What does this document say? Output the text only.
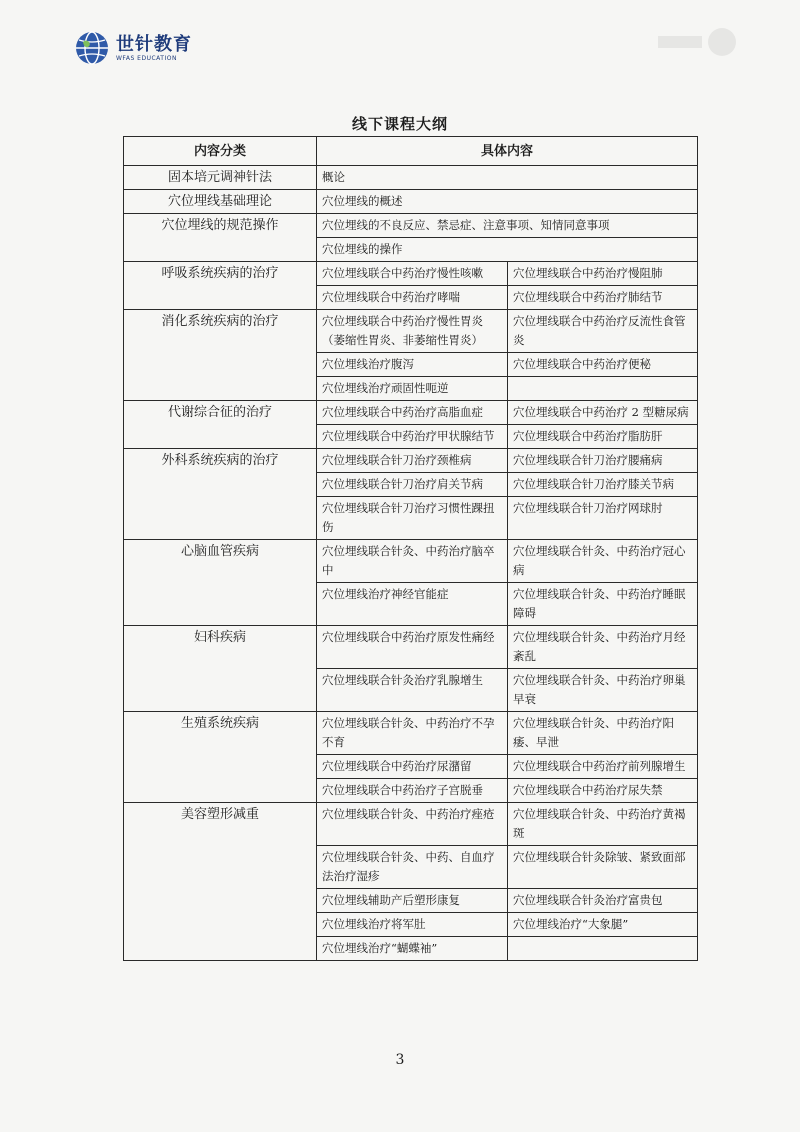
世针教育
WFAS EDUCATION
线下课程大纲
内容分类	具体内容	
固本培元调神针法	概论	
穴位埋线基础理论	穴位埋线的概述	
穴位埋线的规范操作	穴位埋线的不良反应、禁忌症、注意事项、知情同意事项	
	穴位埋线的操作	
呼吸系统疾病的治疗	穴位埋线联合中药治疗慢性咳嗽	穴位埋线联合中药治疗慢阻肺
	穴位埋线联合中药治疗哮喘	穴位埋线联合中药治疗肺结节
消化系统疾病的治疗	穴位埋线联合中药治疗慢性胃炎（萎缩性胃炎、非萎缩性胃炎）	穴位埋线联合中药治疗反流性食管炎
	穴位埋线治疗腹泻	穴位埋线联合中药治疗便秘
	穴位埋线治疗顽固性呃逆	
代谢综合征的治疗	穴位埋线联合中药治疗高脂血症	穴位埋线联合中药治疗 2 型糖尿病
	穴位埋线联合中药治疗甲状腺结节	穴位埋线联合中药治疗脂肪肝
外科系统疾病的治疗	穴位埋线联合针刀治疗颈椎病	穴位埋线联合针刀治疗腰痛病
	穴位埋线联合针刀治疗肩关节病	穴位埋线联合针刀治疗膝关节病
	穴位埋线联合针刀治疗习惯性踝扭伤	穴位埋线联合针刀治疗网球肘
心脑血管疾病	穴位埋线联合针灸、中药治疗脑卒中	穴位埋线联合针灸、中药治疗冠心病
	穴位埋线治疗神经官能症	穴位埋线联合针灸、中药治疗睡眠障碍
妇科疾病	穴位埋线联合中药治疗原发性痛经	穴位埋线联合针灸、中药治疗月经紊乱
	穴位埋线联合针灸治疗乳腺增生	穴位埋线联合针灸、中药治疗卵巢早衰
生殖系统疾病	穴位埋线联合针灸、中药治疗不孕不育	穴位埋线联合针灸、中药治疗阳痿、早泄
	穴位埋线联合中药治疗尿潴留	穴位埋线联合中药治疗前列腺增生
	穴位埋线联合中药治疗子宫脱垂	穴位埋线联合中药治疗尿失禁
美容塑形减重	穴位埋线联合针灸、中药治疗痤疮	穴位埋线联合针灸、中药治疗黄褐斑
	穴位埋线联合针灸、中药、自血疗法治疗湿疹	穴位埋线联合针灸除皱、紧致面部
	穴位埋线辅助产后塑形康复	穴位埋线联合针灸治疗富贵包
	穴位埋线治疗将军肚	穴位埋线治疗“大象腿”
	穴位埋线治疗“蝴蝶袖”	
3
